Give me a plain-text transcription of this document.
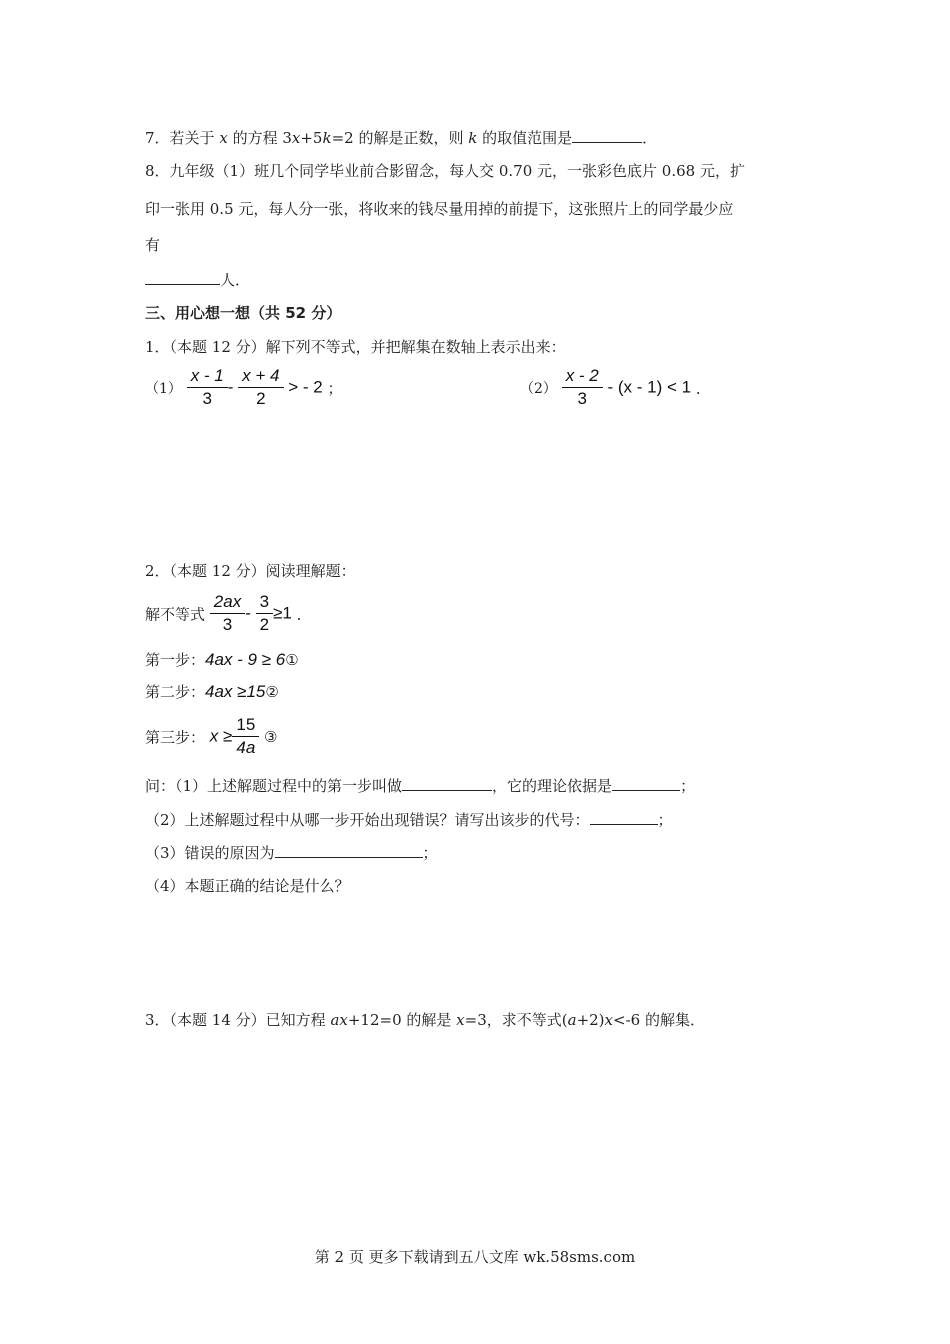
7．若关于 x 的方程 3x+5k=2 的解是正数，则 k 的取值范围是	．
8．九年级（1）班几个同学毕业前合影留念，每人交 0.70 元，一张彩色底片 0.68 元，扩
印一张用 0.5 元，每人分一张，将收来的钱尽量用掉的前提下，这张照片上的同学最少应
有
人．
三、用心想一想（共 52 分）
1．（本题 12 分）解下列不等式，并把解集在数轴上表示出来：
$(1) \frac{x - 1}{3} - \frac{x + 4}{2}$ > - 2 ；	$(2) \frac{x - 2}{3} - (x - 1) < 1$ ．
2．（本题 12 分）阅读理解题：
解不等式 $\frac{2ax}{3} - \frac{3}{2} \ge 1$ ．
第一步：4ax - 9 ≥ 6①
第二步：4ax ≥15②
第三步： $x \ge \frac{15}{4a}$ ③
问：（1）上述解题过程中的第一步叫做	，它的理论依据是	；
（2）上述解题过程中从哪一步开始出现错误？请写出该步的代号：	；
（3）错误的原因为	；
（4）本题正确的结论是什么？
3．（本题 14 分）已知方程 ax+12=0 的解是 x=3，求不等式(a+2)x<-6 的解集．
第 2 页 更多下载请到五八文库 wk.58sms.com
